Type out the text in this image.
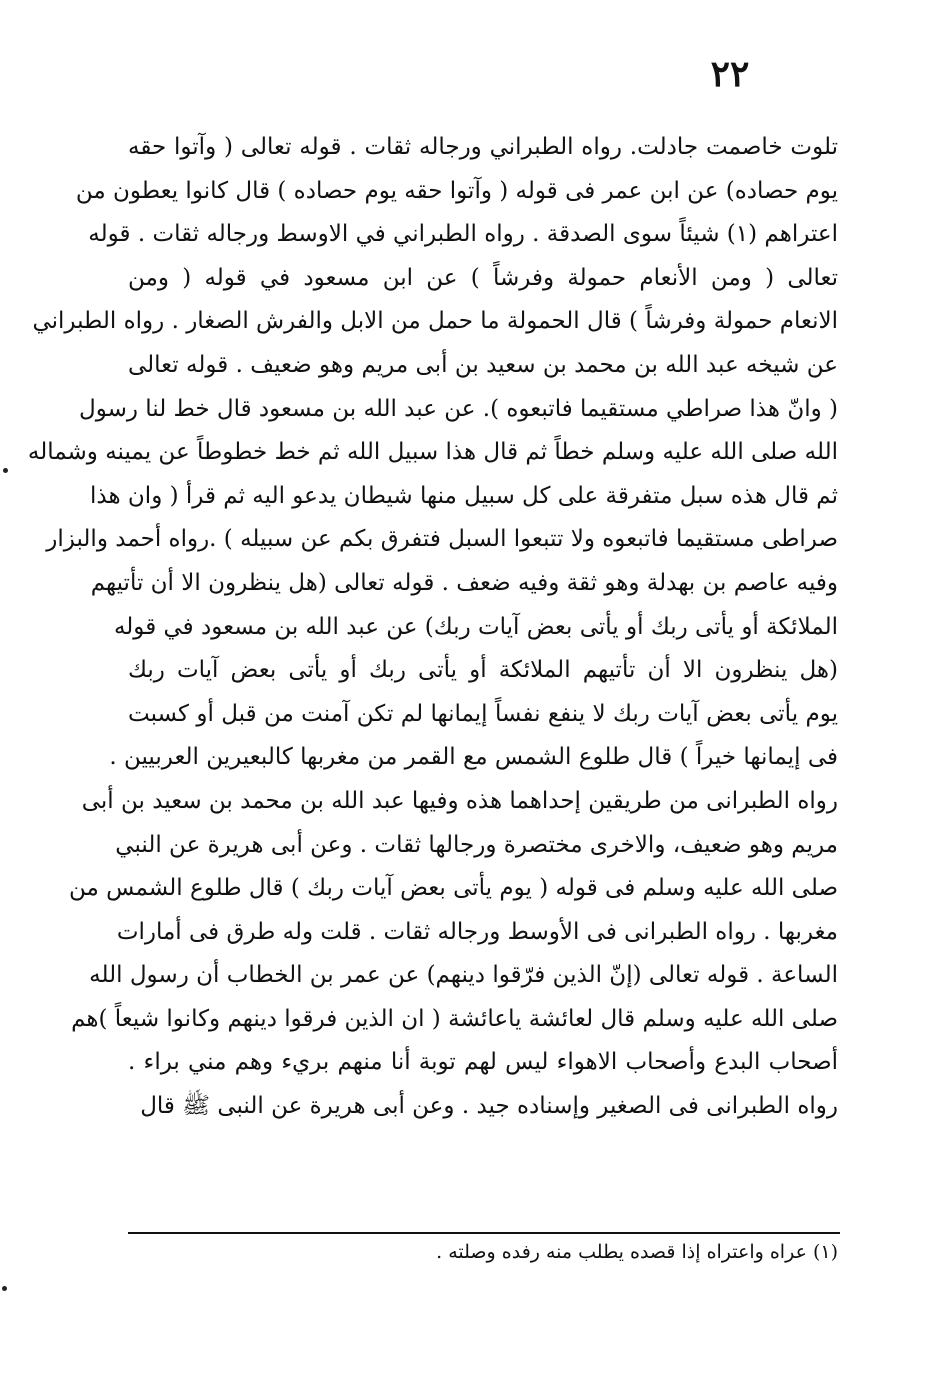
٢٢
تلوت خاصمت جادلت. رواه الطبراني ورجاله ثقات . قوله تعالى ( وآتوا حقه
يوم حصاده) عن ابن عمر فى قوله ( وآتوا حقه يوم حصاده ) قال كانوا يعطون من
اعتراهم (١) شيئاً سوى الصدقة . رواه الطبراني في الاوسط ورجاله ثقات . قوله
تعالى ( ومن الأنعام حمولة وفرشاً ) عن ابن مسعود في قوله ( ومن
الانعام حمولة وفرشاً ) قال الحمولة ما حمل من الابل والفرش الصغار . رواه الطبراني
عن شيخه عبد الله بن محمد بن سعيد بن أبى مريم وهو ضعيف . قوله تعالى
( وانّ هذا صراطي مستقيما فاتبعوه ). عن عبد الله بن مسعود قال خط لنا رسول
الله صلى الله عليه وسلم خطاً ثم قال هذا سبيل الله ثم خط خطوطاً عن يمينه وشماله
ثم قال هذه سبل متفرقة على كل سبيل منها شيطان يدعو اليه ثم قرأ ( وان هذا
صراطى مستقيما فاتبعوه ولا تتبعوا السبل فتفرق بكم عن سبيله ) .رواه أحمد والبزار
وفيه عاصم بن بهدلة وهو ثقة وفيه ضعف . قوله تعالى (هل ينظرون الا أن تأتيهم
الملائكة أو يأتى ربك أو يأتى بعض آيات ربك) عن عبد الله بن مسعود في قوله
(هل ينظرون الا أن تأتيهم الملائكة أو يأتى ربك أو يأتى بعض آيات ربك
يوم يأتى بعض آيات ربك لا ينفع نفساً إيمانها لم تكن آمنت من قبل أو كسبت
فى إيمانها خيراً ) قال طلوع الشمس مع القمر من مغربها كالبعيرين العربيين .
رواه الطبرانى من طريقين إحداهما هذه وفيها عبد الله بن محمد بن سعيد بن أبى
مريم وهو ضعيف، والاخرى مختصرة ورجالها ثقات . وعن أبى هريرة عن النبي
صلى الله عليه وسلم فى قوله ( يوم يأتى بعض آيات ربك ) قال طلوع الشمس من
مغربها . رواه الطبرانى فى الأوسط ورجاله ثقات . قلت وله طرق فى أمارات
الساعة . قوله تعالى (إنّ الذين فرّقوا دينهم) عن عمر بن الخطاب أن رسول الله
صلى الله عليه وسلم قال لعائشة ياعائشة ( ان الذين فرقوا دينهم وكانوا شيعاً )هم
أصحاب البدع وأصحاب الاهواء ليس لهم توبة أنا منهم بريء وهم مني براء .
رواه الطبرانى فى الصغير وإسناده جيد . وعن أبى هريرة عن النبى ﷺ قال
(١) عراه واعتراه إذا قصده يطلب منه رفده وصلته .
